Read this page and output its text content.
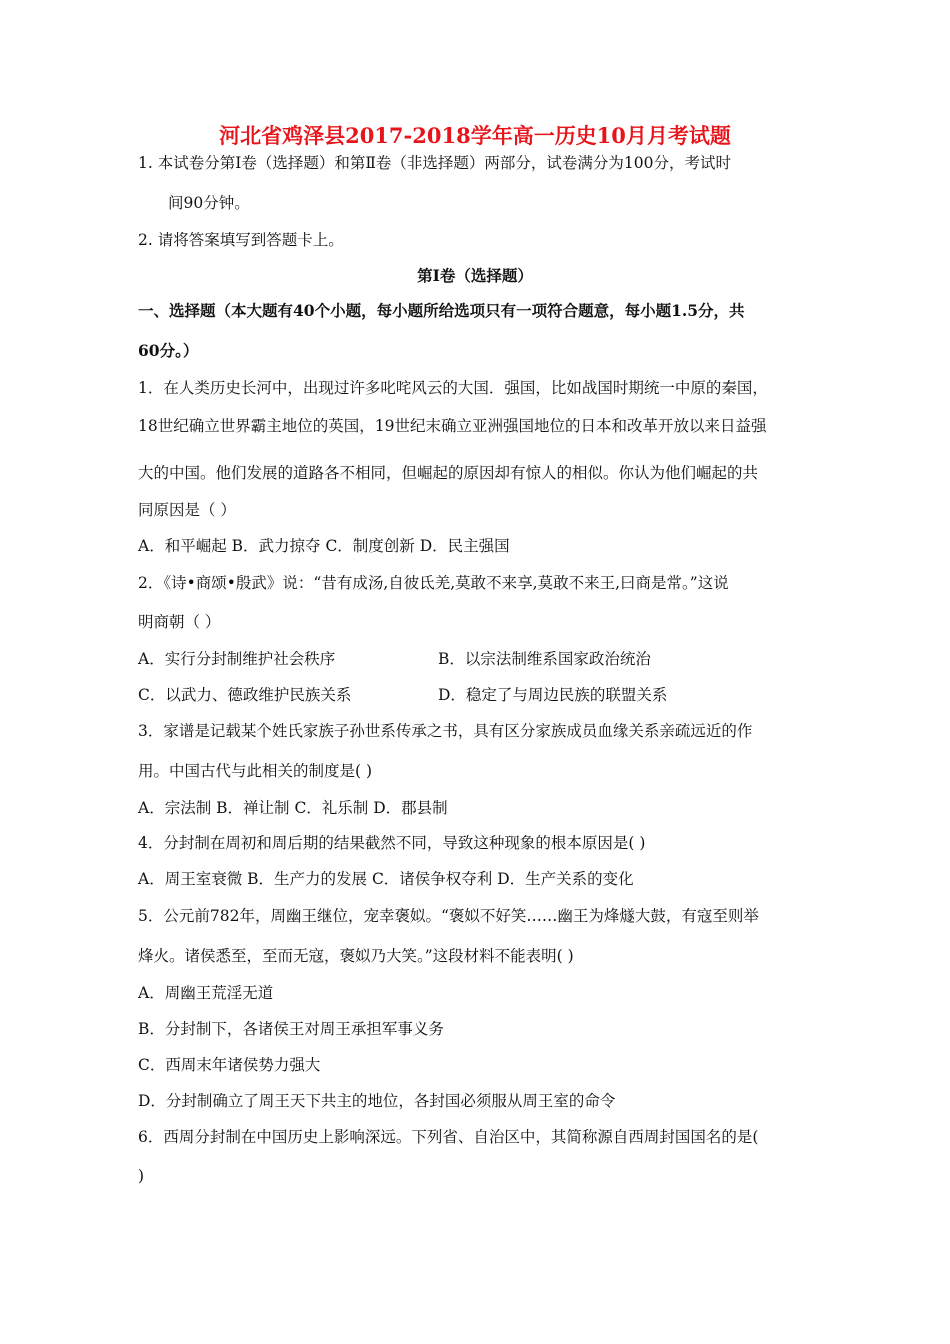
河北省鸡泽县2017-2018学年高一历史10月月考试题
1. 本试卷分第Ⅰ卷（选择题）和第Ⅱ卷（非选择题）两部分，试卷满分为100分，考试时
间90分钟。
2. 请将答案填写到答题卡上。
第Ⅰ卷（选择题）
一、选择题（本大题有40个小题，每小题所给选项只有一项符合题意，每小题1.5分，共
60分。）
1．在人类历史长河中，出现过许多叱咤风云的大国．强国，比如战国时期统一中原的秦国，
18世纪确立世界霸主地位的英国，19世纪末确立亚洲强国地位的日本和改革开放以来日益强
大的中国。他们发展的道路各不相同，但崛起的原因却有惊人的相似。你认为他们崛起的共
同原因是（ ）
A．和平崛起 B．武力掠夺 C．制度创新 D．民主强国
2．《诗•商颂•殷武》说：“昔有成汤,自彼氐羌,莫敢不来享,莫敢不来王,曰商是常。”这说
明商朝（ ）
A．实行分封制维护社会秩序	B．以宗法制维系国家政治统治
C．以武力、德政维护民族关系	D．稳定了与周边民族的联盟关系
3．家谱是记载某个姓氏家族子孙世系传承之书，具有区分家族成员血缘关系亲疏远近的作
用。中国古代与此相关的制度是( )
A．宗法制 B．禅让制 C．礼乐制 D．郡县制
4．分封制在周初和周后期的结果截然不同，导致这种现象的根本原因是( )
A．周王室衰微 B．生产力的发展 C．诸侯争权夺利 D．生产关系的变化
5．公元前782年，周幽王继位，宠幸褒姒。“褒姒不好笑……幽王为烽燧大鼓，有寇至则举
烽火。诸侯悉至，至而无寇，褒姒乃大笑。”这段材料不能表明( )
A．周幽王荒淫无道
B．分封制下，各诸侯王对周王承担军事义务
C．西周末年诸侯势力强大
D．分封制确立了周王天下共主的地位，各封国必须服从周王室的命令
6．西周分封制在中国历史上影响深远。下列省、自治区中，其简称源自西周封国国名的是(
)
